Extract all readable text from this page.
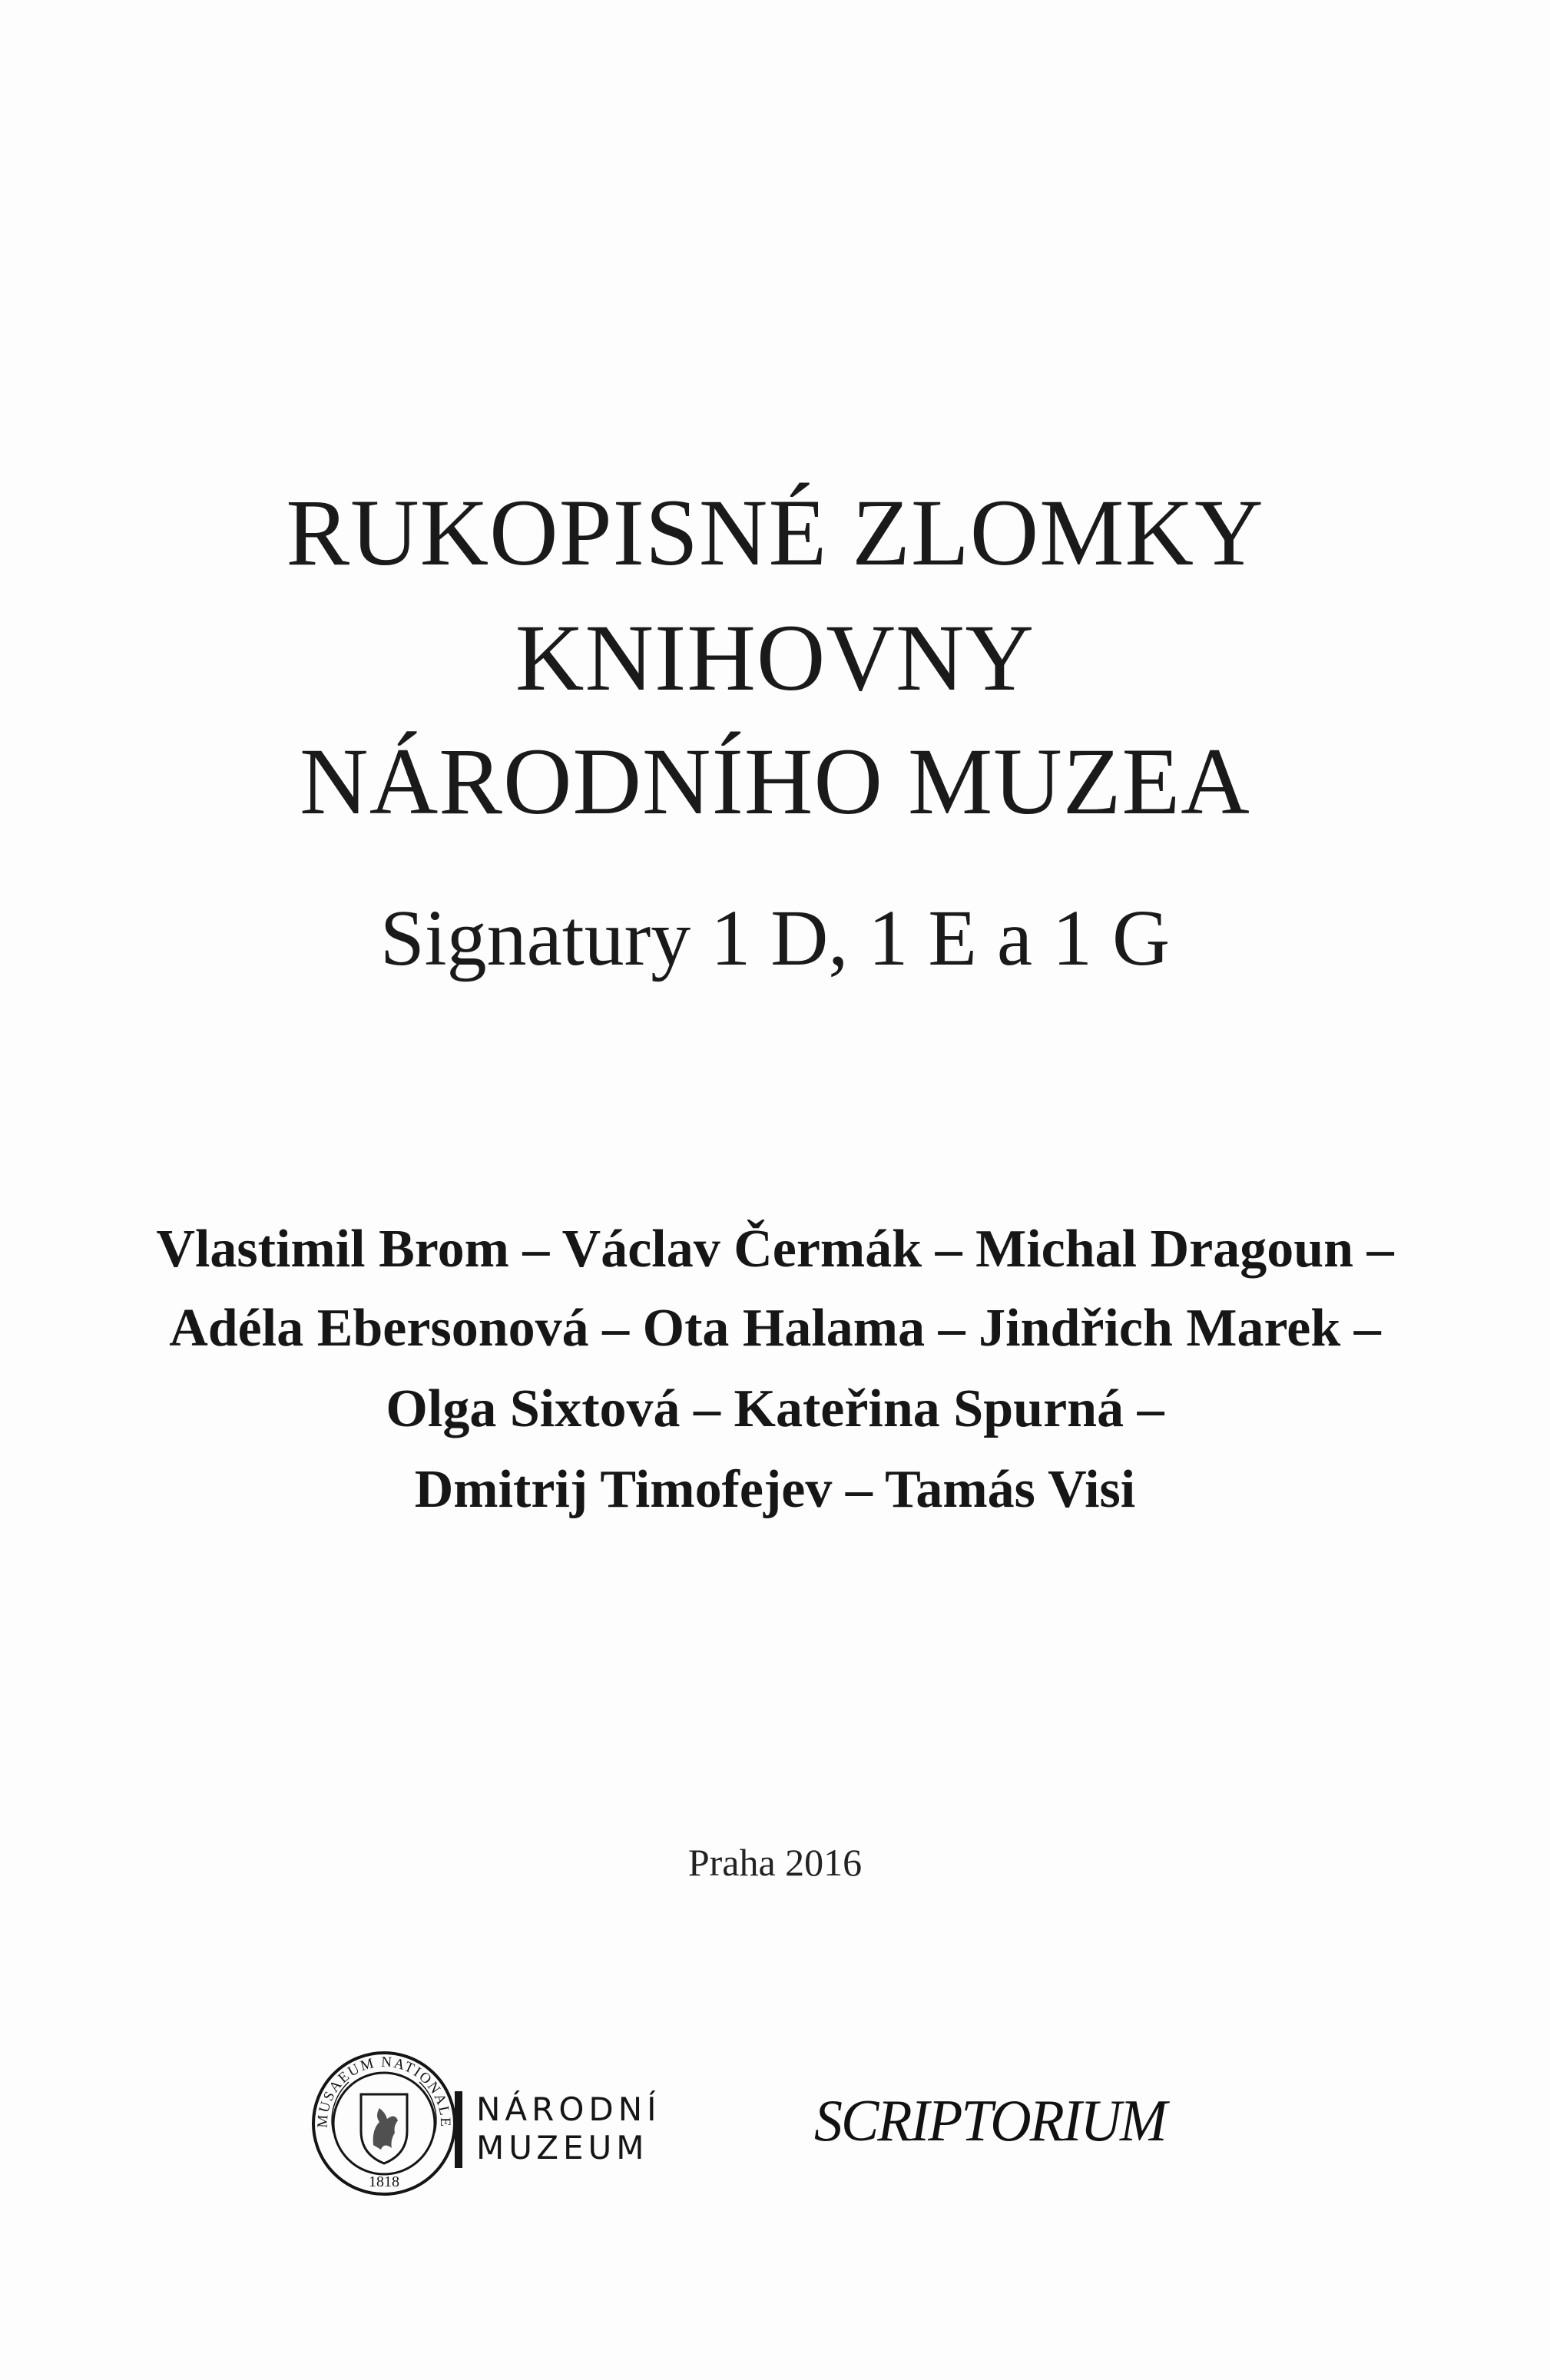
RUKOPISNÉ ZLOMKY
KNIHOVNY
NÁRODNÍHO MUZEA
Signatury 1 D, 1 E a 1 G
Vlastimil Brom – Václav Čermák – Michal Dragoun –
Adéla Ebersonová – Ota Halama – Jindřich Marek –
Olga Sixtová – Kateřina Spurná –
Dmitrij Timofejev – Tamás Visi
Praha 2016
MUSAEUM NATIONALE
1818
NÁRODNÍ
MUZEUM	SCRIPTORIUM
